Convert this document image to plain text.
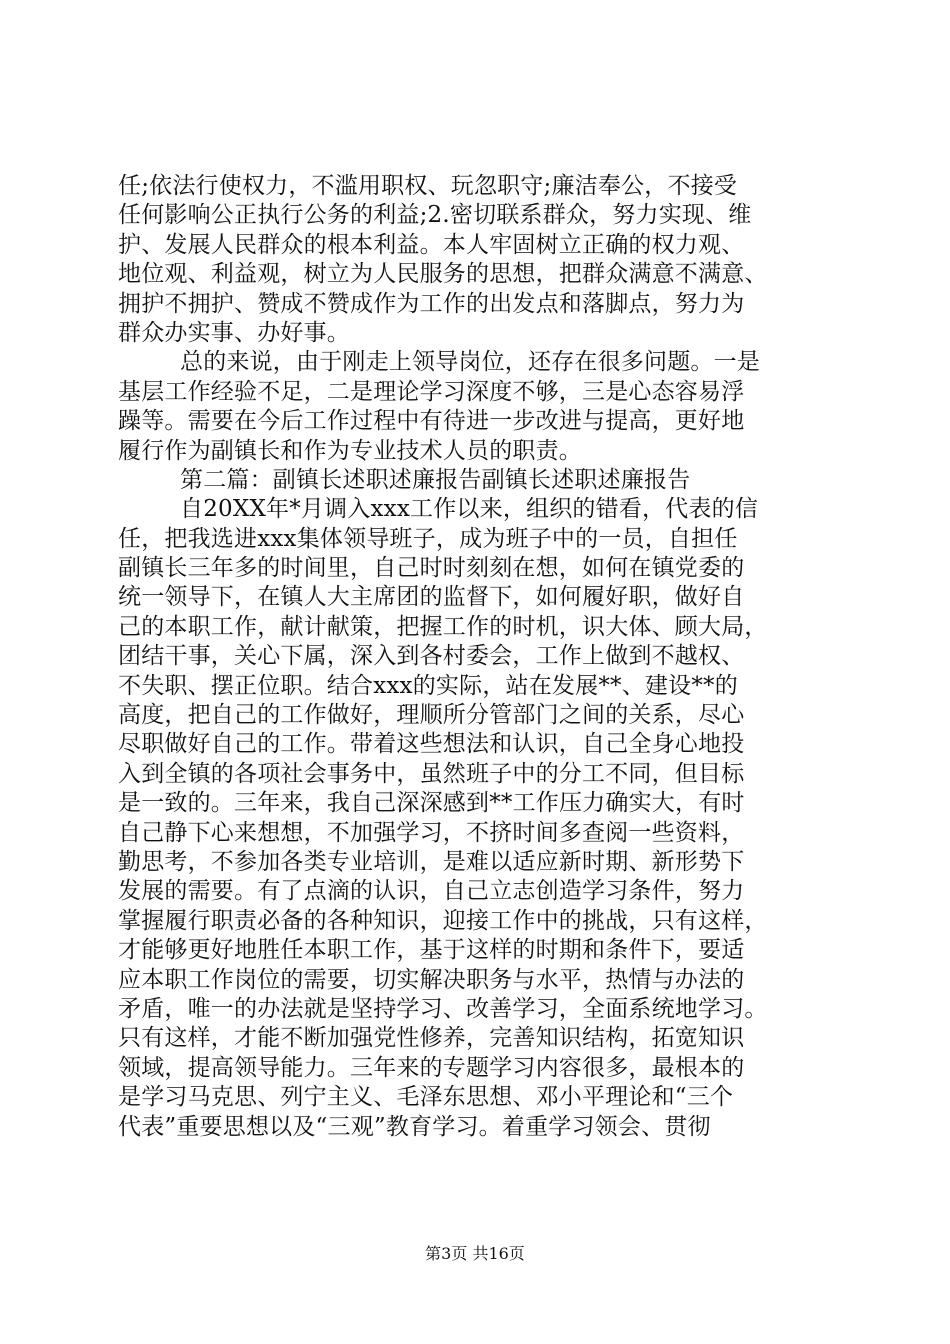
任;依法行使权力，不滥用职权、玩忽职守;廉洁奉公，不接受
任何影响公正执行公务的利益;2.密切联系群众，努力实现、维
护、发展人民群众的根本利益。本人牢固树立正确的权力观、
地位观、利益观，树立为人民服务的思想，把群众满意不满意、
拥护不拥护、赞成不赞成作为工作的出发点和落脚点，努力为
群众办实事、办好事。
总的来说，由于刚走上领导岗位，还存在很多问题。一是
基层工作经验不足，二是理论学习深度不够，三是心态容易浮
躁等。需要在今后工作过程中有待进一步改进与提高，更好地
履行作为副镇长和作为专业技术人员的职责。
第二篇：副镇长述职述廉报告副镇长述职述廉报告
自20XX年*月调入xxx工作以来，组织的错看，代表的信
任，把我选进xxx集体领导班子，成为班子中的一员，自担任
副镇长三年多的时间里，自己时时刻刻在想，如何在镇党委的
统一领导下，在镇人大主席团的监督下，如何履好职，做好自
己的本职工作，献计献策，把握工作的时机，识大体、顾大局，
团结干事，关心下属，深入到各村委会，工作上做到不越权、
不失职、摆正位职。结合xxx的实际，站在发展**、建设**的
高度，把自己的工作做好，理顺所分管部门之间的关系，尽心
尽职做好自己的工作。带着这些想法和认识，自己全身心地投
入到全镇的各项社会事务中，虽然班子中的分工不同，但目标
是一致的。三年来，我自己深深感到**工作压力确实大，有时
自己静下心来想想，不加强学习，不挤时间多查阅一些资料，
勤思考，不参加各类专业培训，是难以适应新时期、新形势下
发展的需要。有了点滴的认识，自己立志创造学习条件，努力
掌握履行职责必备的各种知识，迎接工作中的挑战，只有这样，
才能够更好地胜任本职工作，基于这样的时期和条件下，要适
应本职工作岗位的需要，切实解决职务与水平，热情与办法的
矛盾，唯一的办法就是坚持学习、改善学习，全面系统地学习。
只有这样，才能不断加强党性修养，完善知识结构，拓宽知识
领域，提高领导能力。三年来的专题学习内容很多，最根本的
是学习马克思、列宁主义、毛泽东思想、邓小平理论和“三个
代表”重要思想以及“三观”教育学习。着重学习领会、贯彻
第3页 共16页
